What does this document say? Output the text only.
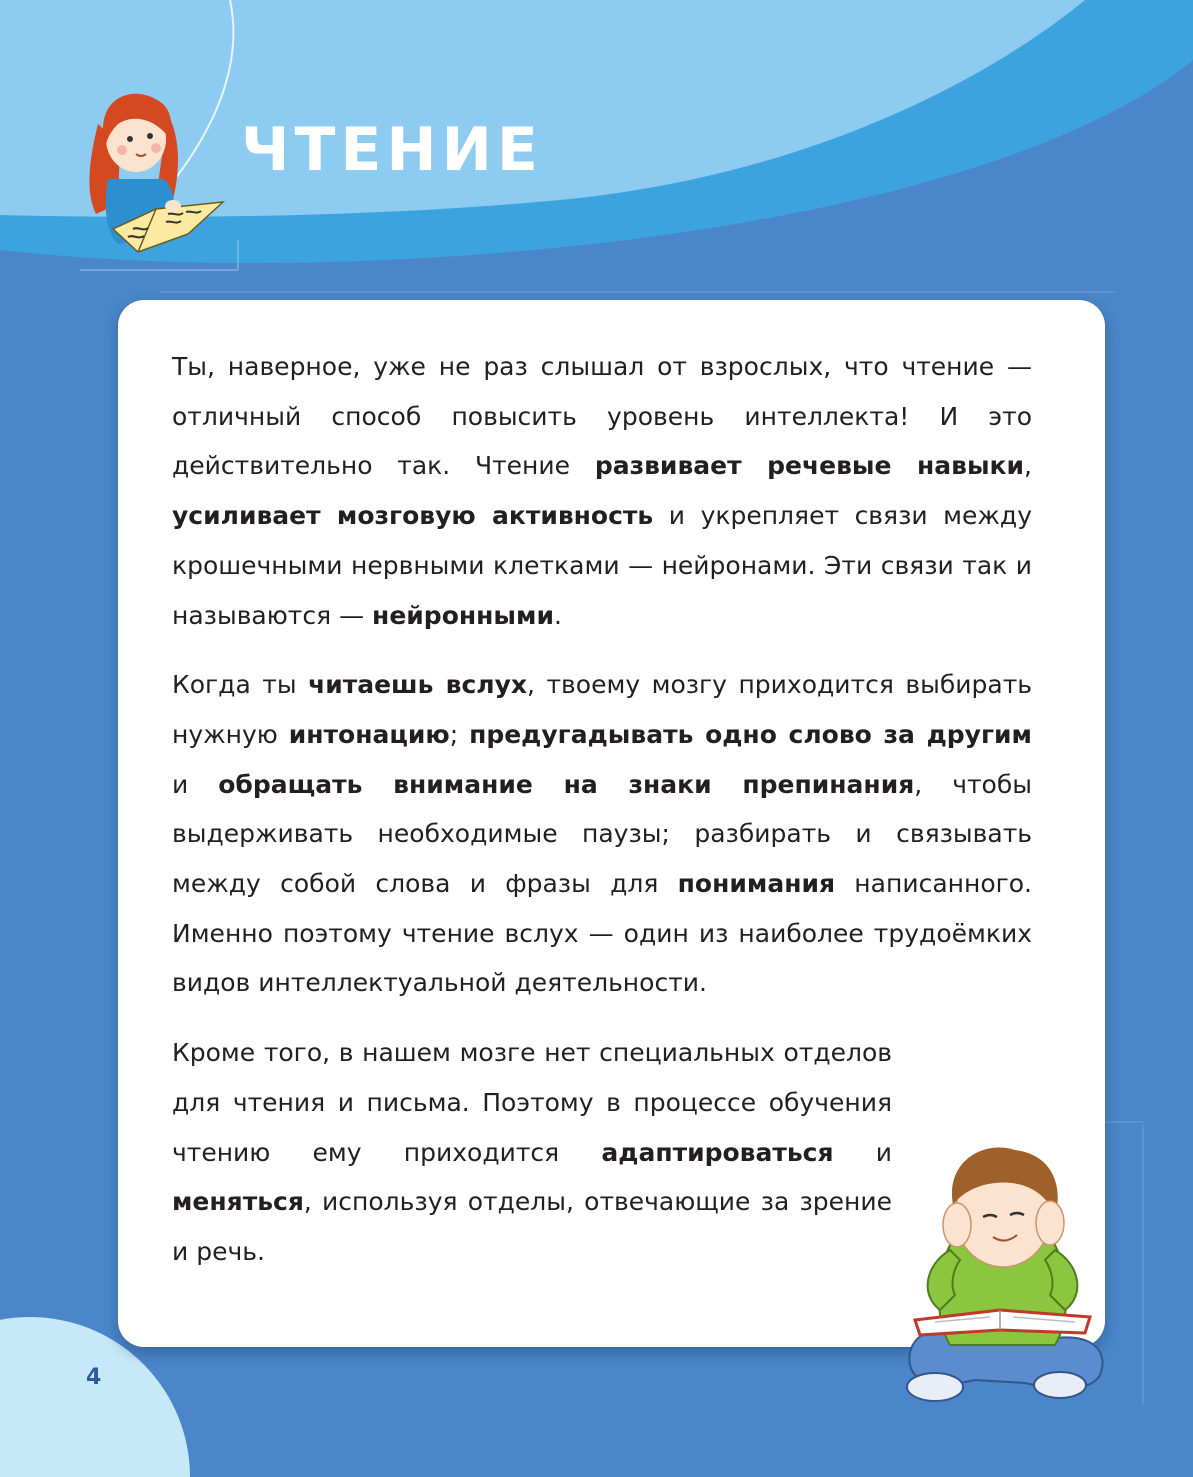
ЧТЕНИЕ

Ты, наверное, уже не раз слышал от взрослых, что чтение — отличный способ повысить уровень интеллекта! И это действительно так. Чтение развивает речевые навыки, усиливает мозговую активность и укрепляет связи между крошечными нервными клетками — нейронами. Эти связи так и называются — нейронными.

Когда ты читаешь вслух, твоему мозгу приходится выбирать нужную интонацию; предугадывать одно слово за другим и обращать внимание на знаки препинания, чтобы выдерживать необходимые паузы; разбирать и связывать между собой слова и фразы для понимания написанного. Именно поэтому чтение вслух — один из наиболее трудоёмких видов интеллектуальной деятельности.

Кроме того, в нашем мозге нет специальных отделов для чтения и письма. Поэтому в процессе обучения чтению ему приходится адаптироваться и меняться, используя отделы, отвечающие за зрение и речь.

4
